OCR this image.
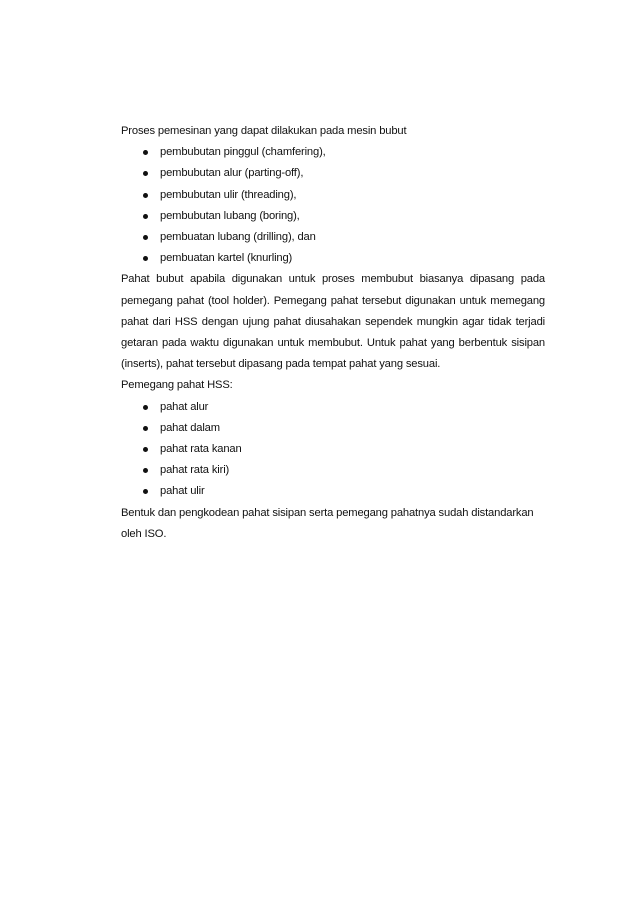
Proses pemesinan yang dapat dilakukan pada mesin bubut

pembubutan pinggul (chamfering),
pembubutan alur (parting-off),
pembubutan ulir (threading),
pembubutan lubang (boring),
pembuatan lubang (drilling), dan
pembuatan kartel (knurling)

Pahat bubut apabila digunakan untuk proses membubut biasanya dipasang pada pemegang pahat (tool holder). Pemegang pahat tersebut digunakan untuk memegang pahat dari HSS dengan ujung pahat diusahakan sependek mungkin agar tidak terjadi getaran pada waktu digunakan untuk membubut. Untuk pahat yang berbentuk sisipan (inserts), pahat tersebut dipasang pada tempat pahat yang sesuai.

Pemegang pahat HSS:

pahat alur
pahat dalam
pahat rata kanan
pahat rata kiri)
pahat ulir

Bentuk dan pengkodean pahat sisipan serta pemegang pahatnya sudah distandarkan oleh ISO.
